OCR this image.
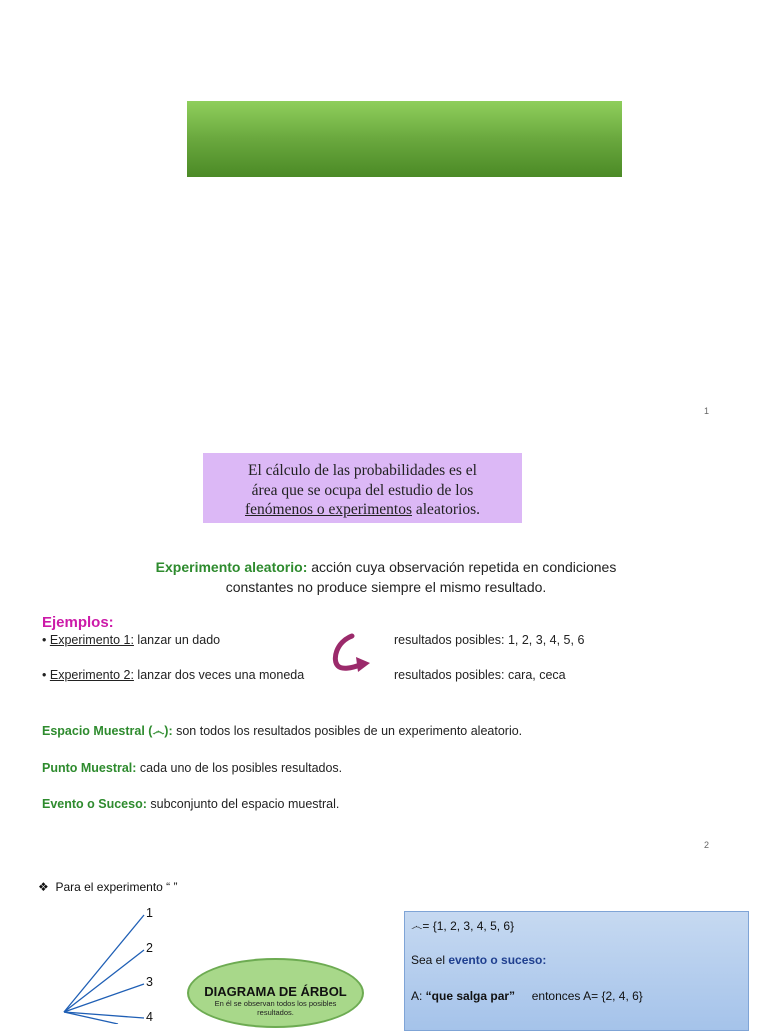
1
El cálculo de las probabilidades es el
área que se ocupa del estudio de los
fenómenos o experimentos aleatorios.
Experimento aleatorio: acción cuya observación repetida en condiciones
constantes no produce siempre el mismo resultado.
Ejemplos:
• Experimento 1: lanzar un dado	resultados posibles: 1, 2, 3, 4, 5, 6
• Experimento 2: lanzar dos veces una moneda	resultados posibles: cara, ceca
Espacio Muestral (෴): son todos los resultados posibles de un experimento aleatorio.
Punto Muestral: cada uno de los posibles resultados.
Evento o Suceso: subconjunto del espacio muestral.
2
❖ Para el experimento “ ”
1
2
3
4
DIAGRAMA DE ÁRBOL
En él se observan todos los posibles resultados.
෴= {1, 2, 3, 4, 5, 6}
Sea el evento o suceso:
A: “que salga par”     entonces A= {2, 4, 6}
